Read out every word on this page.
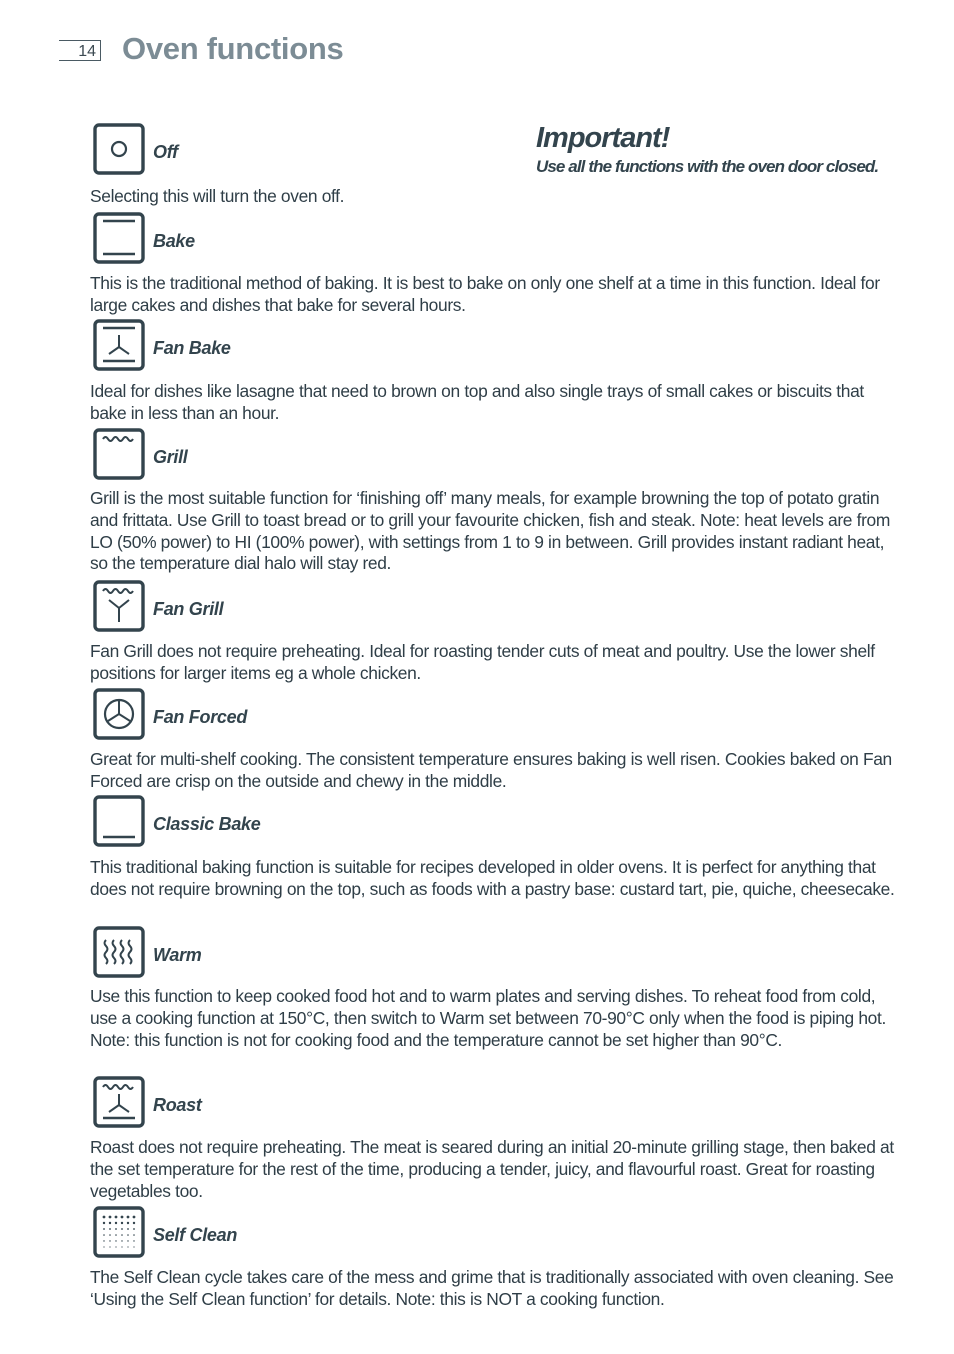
14 Oven functions

Important!

Use all the functions with the oven door closed.

Off

Selecting this will turn the oven off.

Bake

This is the traditional method of baking. It is best to bake on only one shelf at a time in this function. Ideal for large cakes and dishes that bake for several hours.

Fan Bake

Ideal for dishes like lasagne that need to brown on top and also single trays of small cakes or biscuits that bake in less than an hour.

Grill

Grill is the most suitable function for ‘finishing off’ many meals, for example browning the top of potato gratin and frittata. Use Grill to toast bread or to grill your favourite chicken, fish and steak. Note: heat levels are from LO (50% power) to HI (100% power), with settings from 1 to 9 in between. Grill provides instant radiant heat, so the temperature dial halo will stay red.

Fan Grill

Fan Grill does not require preheating. Ideal for roasting tender cuts of meat and poultry. Use the lower shelf positions for larger items eg a whole chicken.

Fan Forced

Great for multi-shelf cooking. The consistent temperature ensures baking is well risen. Cookies baked on Fan Forced are crisp on the outside and chewy in the middle.

Classic Bake

This traditional baking function is suitable for recipes developed in older ovens. It is perfect for anything that does not require browning on the top, such as foods with a pastry base: custard tart, pie, quiche, cheesecake.

Warm

Use this function to keep cooked food hot and to warm plates and serving dishes. To reheat food from cold, use a cooking function at 150°C, then switch to Warm set between 70-90°C only when the food is piping hot. Note: this function is not for cooking food and the temperature cannot be set higher than 90°C.

Roast

Roast does not require preheating. The meat is seared during an initial 20-minute grilling stage, then baked at the set temperature for the rest of the time, producing a tender, juicy, and flavourful roast. Great for roasting vegetables too.

Self Clean

The Self Clean cycle takes care of the mess and grime that is traditionally associated with oven cleaning. See ‘Using the Self Clean function’ for details. Note: this is NOT a cooking function.
